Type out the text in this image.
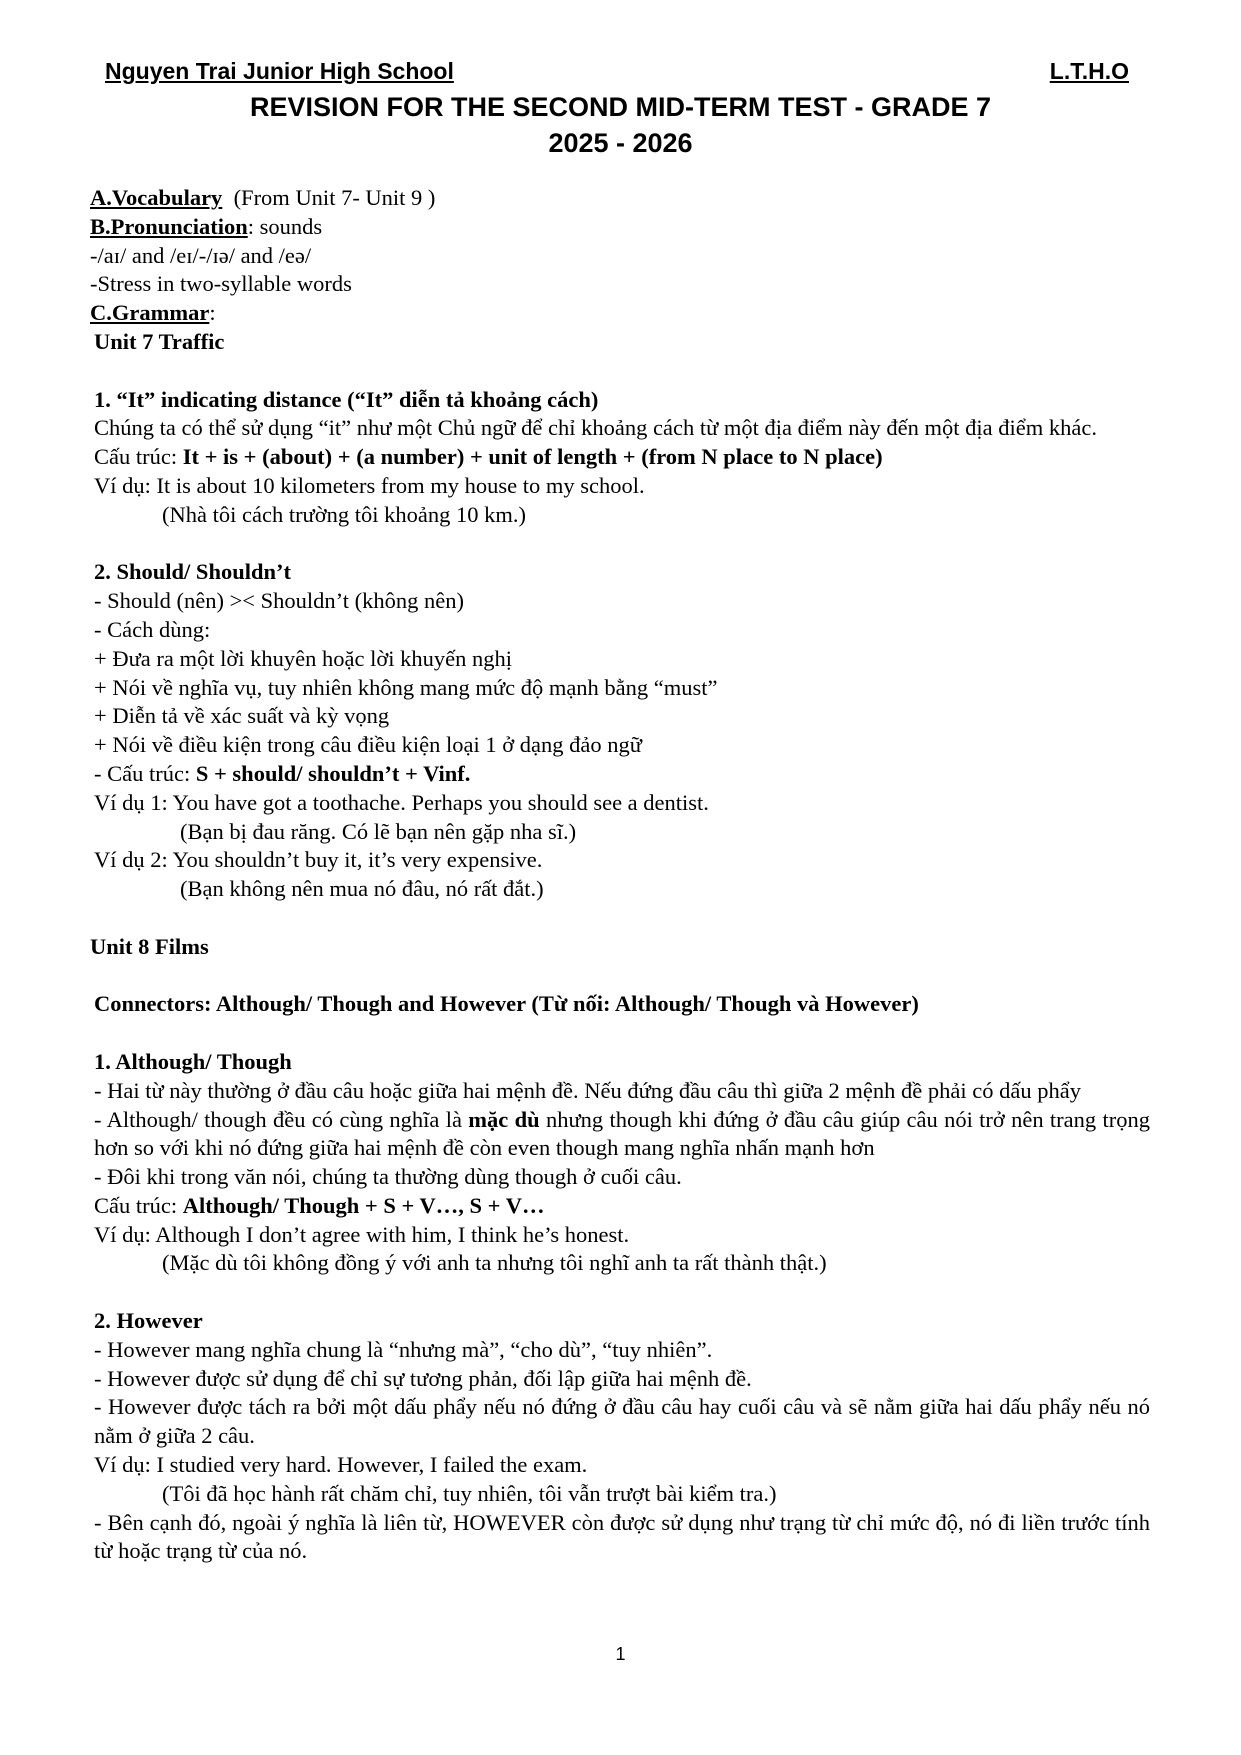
Nguyen Trai Junior High School	L.T.H.O
REVISION FOR THE SECOND MID-TERM TEST - GRADE 7
2025 - 2026
A.Vocabulary (From Unit 7- Unit 9 )
B.Pronunciation: sounds
-/aɪ/ and /eɪ/-/ɪə/ and /eə/
-Stress in two-syllable words
C.Grammar:
Unit 7 Traffic
1. “It” indicating distance (“It” diễn tả khoảng cách)
Chúng ta có thể sử dụng “it” như một Chủ ngữ để chỉ khoảng cách từ một địa điểm này đến một địa điểm khác.
Cấu trúc: It + is + (about) + (a number) + unit of length + (from N place to N place)
Ví dụ: It is about 10 kilometers from my house to my school.
(Nhà tôi cách trường tôi khoảng 10 km.)
2. Should/ Shouldn’t
- Should (nên) >< Shouldn’t (không nên)
- Cách dùng:
+ Đưa ra một lời khuyên hoặc lời khuyến nghị
+ Nói về nghĩa vụ, tuy nhiên không mang mức độ mạnh bằng “must”
+ Diễn tả về xác suất và kỳ vọng
+ Nói về điều kiện trong câu điều kiện loại 1 ở dạng đảo ngữ
- Cấu trúc: S + should/ shouldn’t + Vinf.
Ví dụ 1: You have got a toothache. Perhaps you should see a dentist.
(Bạn bị đau răng. Có lẽ bạn nên gặp nha sĩ.)
Ví dụ 2: You shouldn’t buy it, it’s very expensive.
(Bạn không nên mua nó đâu, nó rất đắt.)
Unit 8 Films
Connectors: Although/ Though and However (Từ nối: Although/ Though và However)
1. Although/ Though
- Hai từ này thường ở đầu câu hoặc giữa hai mệnh đề. Nếu đứng đầu câu thì giữa 2 mệnh đề phải có dấu phẩy
- Although/ though đều có cùng nghĩa là mặc dù nhưng though khi đứng ở đầu câu giúp câu nói trở nên trang trọng hơn so với khi nó đứng giữa hai mệnh đề còn even though mang nghĩa nhấn mạnh hơn
- Đôi khi trong văn nói, chúng ta thường dùng though ở cuối câu.
Cấu trúc: Although/ Though + S + V…, S + V…
Ví dụ: Although I don’t agree with him, I think he’s honest.
(Mặc dù tôi không đồng ý với anh ta nhưng tôi nghĩ anh ta rất thành thật.)
2. However
- However mang nghĩa chung là “nhưng mà”, “cho dù”, “tuy nhiên”.
- However được sử dụng để chỉ sự tương phản, đối lập giữa hai mệnh đề.
- However được tách ra bởi một dấu phẩy nếu nó đứng ở đầu câu hay cuối câu và sẽ nằm giữa hai dấu phẩy nếu nó nằm ở giữa 2 câu.
Ví dụ: I studied very hard. However, I failed the exam.
(Tôi đã học hành rất chăm chỉ, tuy nhiên, tôi vẫn trượt bài kiểm tra.)
- Bên cạnh đó, ngoài ý nghĩa là liên từ, HOWEVER còn được sử dụng như trạng từ chỉ mức độ, nó đi liền trước tính từ hoặc trạng từ của nó.
1
